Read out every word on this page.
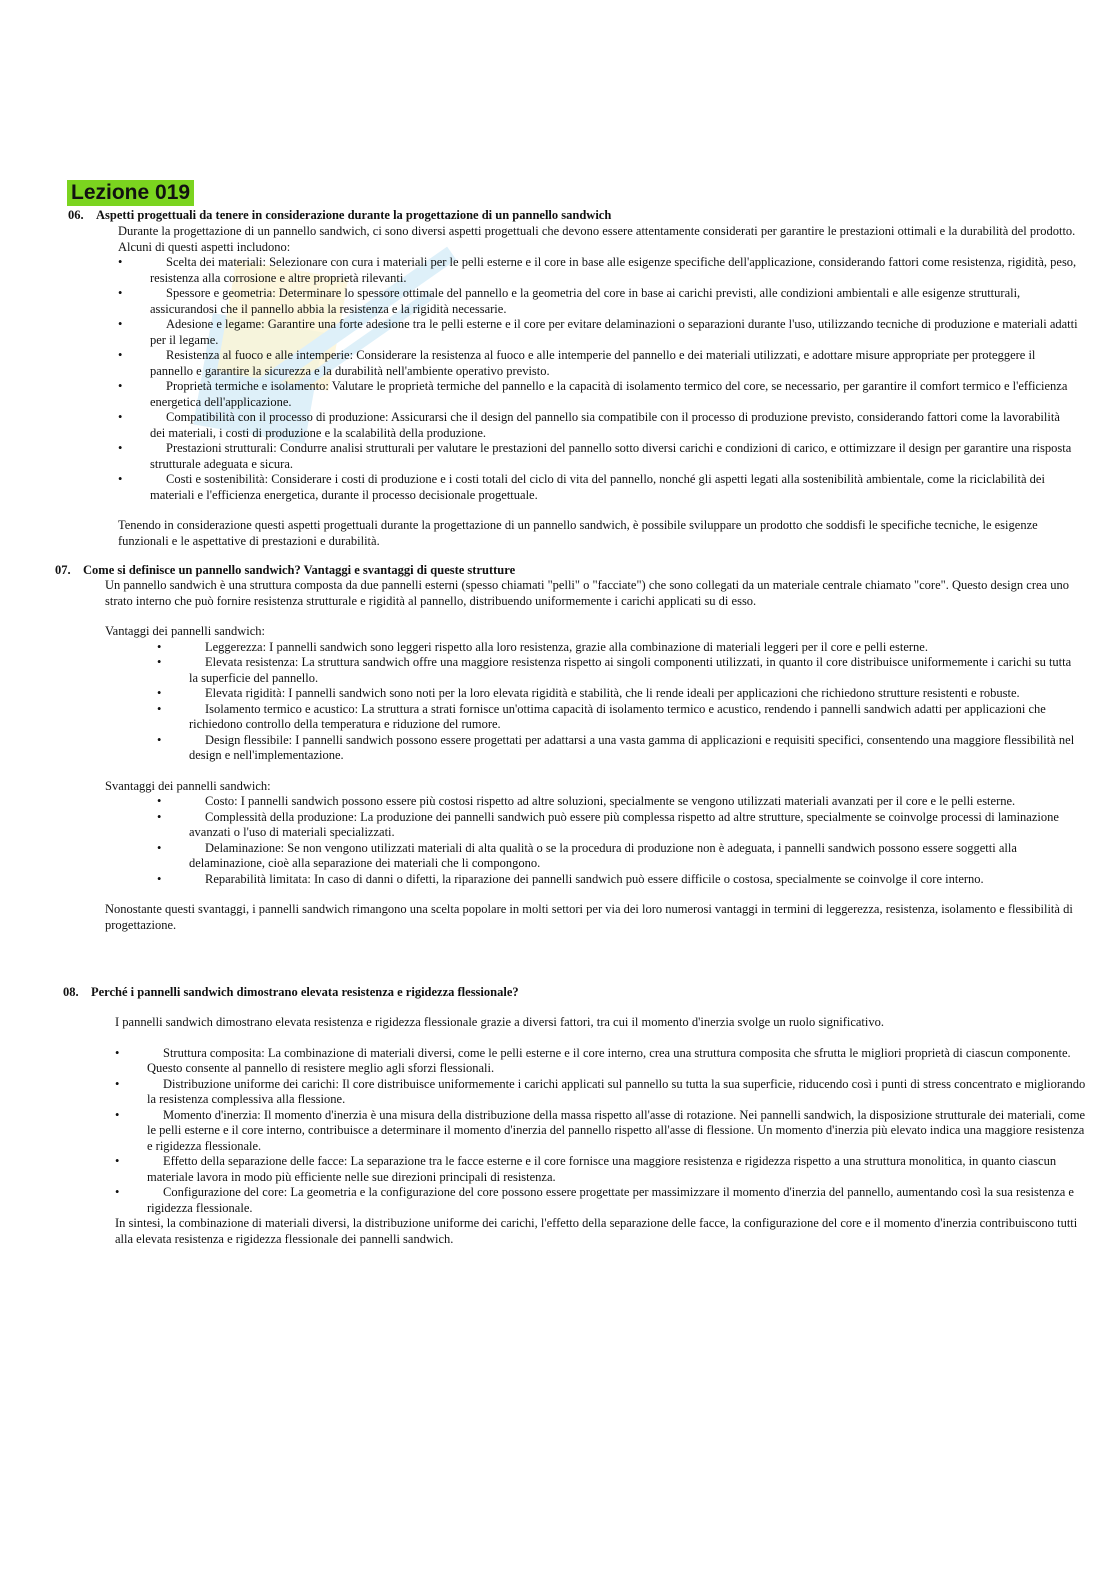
Lezione 019
06. Aspetti progettuali da tenere in considerazione durante la progettazione di un pannello sandwich

Durante la progettazione di un pannello sandwich, ci sono diversi aspetti progettuali che devono essere attentamente considerati per garantire le prestazioni ottimali e la durabilità del prodotto. Alcuni di questi aspetti includono:

• Scelta dei materiali: Selezionare con cura i materiali per le pelli esterne e il core in base alle esigenze specifiche dell'applicazione, considerando fattori come resistenza, rigidità, peso, resistenza alla corrosione e altre proprietà rilevanti.
• Spessore e geometria: Determinare lo spessore ottimale del pannello e la geometria del core in base ai carichi previsti, alle condizioni ambientali e alle esigenze strutturali, assicurandosi che il pannello abbia la resistenza e la rigidità necessarie.
• Adesione e legame: Garantire una forte adesione tra le pelli esterne e il core per evitare delaminazioni o separazioni durante l'uso, utilizzando tecniche di produzione e materiali adatti per il legame.
• Resistenza al fuoco e alle intemperie: Considerare la resistenza al fuoco e alle intemperie del pannello e dei materiali utilizzati, e adottare misure appropriate per proteggere il pannello e garantire la sicurezza e la durabilità nell'ambiente operativo previsto.
• Proprietà termiche e isolamento: Valutare le proprietà termiche del pannello e la capacità di isolamento termico del core, se necessario, per garantire il comfort termico e l'efficienza energetica dell'applicazione.
• Compatibilità con il processo di produzione: Assicurarsi che il design del pannello sia compatibile con il processo di produzione previsto, considerando fattori come la lavorabilità dei materiali, i costi di produzione e la scalabilità della produzione.
• Prestazioni strutturali: Condurre analisi strutturali per valutare le prestazioni del pannello sotto diversi carichi e condizioni di carico, e ottimizzare il design per garantire una risposta strutturale adeguata e sicura.
• Costi e sostenibilità: Considerare i costi di produzione e i costi totali del ciclo di vita del pannello, nonché gli aspetti legati alla sostenibilità ambientale, come la riciclabilità dei materiali e l'efficienza energetica, durante il processo decisionale progettuale.

Tenendo in considerazione questi aspetti progettuali durante la progettazione di un pannello sandwich, è possibile sviluppare un prodotto che soddisfi le specifiche tecniche, le esigenze funzionali e le aspettative di prestazioni e durabilità.

07. Come si definisce un pannello sandwich? Vantaggi e svantaggi di queste strutture

Un pannello sandwich è una struttura composta da due pannelli esterni (spesso chiamati "pelli" o "facciate") che sono collegati da un materiale centrale chiamato "core". Questo design crea uno strato interno che può fornire resistenza strutturale e rigidità al pannello, distribuendo uniformemente i carichi applicati su di esso.

Vantaggi dei pannelli sandwich:

• Leggerezza: I pannelli sandwich sono leggeri rispetto alla loro resistenza, grazie alla combinazione di materiali leggeri per il core e pelli esterne.
• Elevata resistenza: La struttura sandwich offre una maggiore resistenza rispetto ai singoli componenti utilizzati, in quanto il core distribuisce uniformemente i carichi su tutta la superficie del pannello.
• Elevata rigidità: I pannelli sandwich sono noti per la loro elevata rigidità e stabilità, che li rende ideali per applicazioni che richiedono strutture resistenti e robuste.
• Isolamento termico e acustico: La struttura a strati fornisce un'ottima capacità di isolamento termico e acustico, rendendo i pannelli sandwich adatti per applicazioni che richiedono controllo della temperatura e riduzione del rumore.
• Design flessibile: I pannelli sandwich possono essere progettati per adattarsi a una vasta gamma di applicazioni e requisiti specifici, consentendo una maggiore flessibilità nel design e nell'implementazione.

Svantaggi dei pannelli sandwich:

• Costo: I pannelli sandwich possono essere più costosi rispetto ad altre soluzioni, specialmente se vengono utilizzati materiali avanzati per il core e le pelli esterne.
• Complessità della produzione: La produzione dei pannelli sandwich può essere più complessa rispetto ad altre strutture, specialmente se coinvolge processi di laminazione avanzati o l'uso di materiali specializzati.
• Delaminazione: Se non vengono utilizzati materiali di alta qualità o se la procedura di produzione non è adeguata, i pannelli sandwich possono essere soggetti alla delaminazione, cioè alla separazione dei materiali che li compongono.
• Reparabilità limitata: In caso di danni o difetti, la riparazione dei pannelli sandwich può essere difficile o costosa, specialmente se coinvolge il core interno.

Nonostante questi svantaggi, i pannelli sandwich rimangono una scelta popolare in molti settori per via dei loro numerosi vantaggi in termini di leggerezza, resistenza, isolamento e flessibilità di progettazione.

08. Perché i pannelli sandwich dimostrano elevata resistenza e rigidezza flessionale?

I pannelli sandwich dimostrano elevata resistenza e rigidezza flessionale grazie a diversi fattori, tra cui il momento d'inerzia svolge un ruolo significativo.

• Struttura composita: La combinazione di materiali diversi, come le pelli esterne e il core interno, crea una struttura composita che sfrutta le migliori proprietà di ciascun componente. Questo consente al pannello di resistere meglio agli sforzi flessionali.
• Distribuzione uniforme dei carichi: Il core distribuisce uniformemente i carichi applicati sul pannello su tutta la sua superficie, riducendo così i punti di stress concentrato e migliorando la resistenza complessiva alla flessione.
• Momento d'inerzia: Il momento d'inerzia è una misura della distribuzione della massa rispetto all'asse di rotazione. Nei pannelli sandwich, la disposizione strutturale dei materiali, come le pelli esterne e il core interno, contribuisce a determinare il momento d'inerzia del pannello rispetto all'asse di flessione. Un momento d'inerzia più elevato indica una maggiore resistenza e rigidezza flessionale.
• Effetto della separazione delle facce: La separazione tra le facce esterne e il core fornisce una maggiore resistenza e rigidezza rispetto a una struttura monolitica, in quanto ciascun materiale lavora in modo più efficiente nelle sue direzioni principali di resistenza.
• Configurazione del core: La geometria e la configurazione del core possono essere progettate per massimizzare il momento d'inerzia del pannello, aumentando così la sua resistenza e rigidezza flessionale.

In sintesi, la combinazione di materiali diversi, la distribuzione uniforme dei carichi, l'effetto della separazione delle facce, la configurazione del core e il momento d'inerzia contribuiscono tutti alla elevata resistenza e rigidezza flessionale dei pannelli sandwich.
